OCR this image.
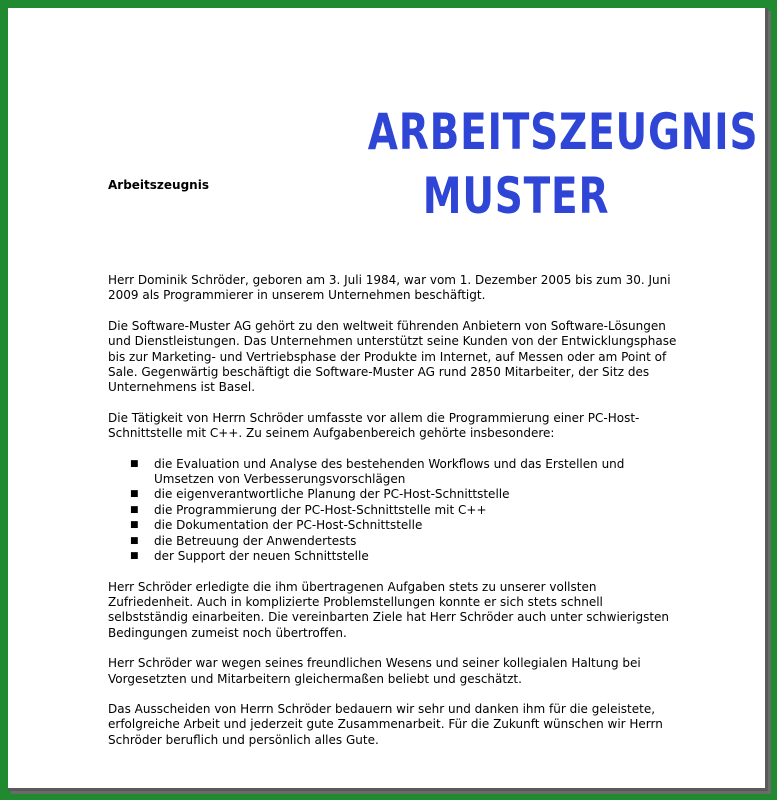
ARBEITSZEUGNIS
MUSTER
Arbeitszeugnis

Herr Dominik Schröder, geboren am 3. Juli 1984, war vom 1. Dezember 2005 bis zum 30. Juni 2009 als Programmierer in unserem Unternehmen beschäftigt.

Die Software-Muster AG gehört zu den weltweit führenden Anbietern von Software-Lösungen und Dienstleistungen. Das Unternehmen unterstützt seine Kunden von der Entwicklungsphase bis zur Marketing- und Vertriebsphase der Produkte im Internet, auf Messen oder am Point of Sale. Gegenwärtig beschäftigt die Software-Muster AG rund 2850 Mitarbeiter, der Sitz des Unternehmens ist Basel.

Die Tätigkeit von Herrn Schröder umfasste vor allem die Programmierung einer PC-Host-Schnittstelle mit C++. Zu seinem Aufgabenbereich gehörte insbesondere:

■ die Evaluation und Analyse des bestehenden Workflows und das Erstellen und Umsetzen von Verbesserungsvorschlägen
■ die eigenverantwortliche Planung der PC-Host-Schnittstelle
■ die Programmierung der PC-Host-Schnittstelle mit C++
■ die Dokumentation der PC-Host-Schnittstelle
■ die Betreuung der Anwendertests
■ der Support der neuen Schnittstelle

Herr Schröder erledigte die ihm übertragenen Aufgaben stets zu unserer vollsten Zufriedenheit. Auch in komplizierte Problemstellungen konnte er sich stets schnell selbstständig einarbeiten. Die vereinbarten Ziele hat Herr Schröder auch unter schwierigsten Bedingungen zumeist noch übertroffen.

Herr Schröder war wegen seines freundlichen Wesens und seiner kollegialen Haltung bei Vorgesetzten und Mitarbeitern gleichermaßen beliebt und geschätzt.

Das Ausscheiden von Herrn Schröder bedauern wir sehr und danken ihm für die geleistete, erfolgreiche Arbeit und jederzeit gute Zusammenarbeit. Für die Zukunft wünschen wir Herrn Schröder beruflich und persönlich alles Gute.
